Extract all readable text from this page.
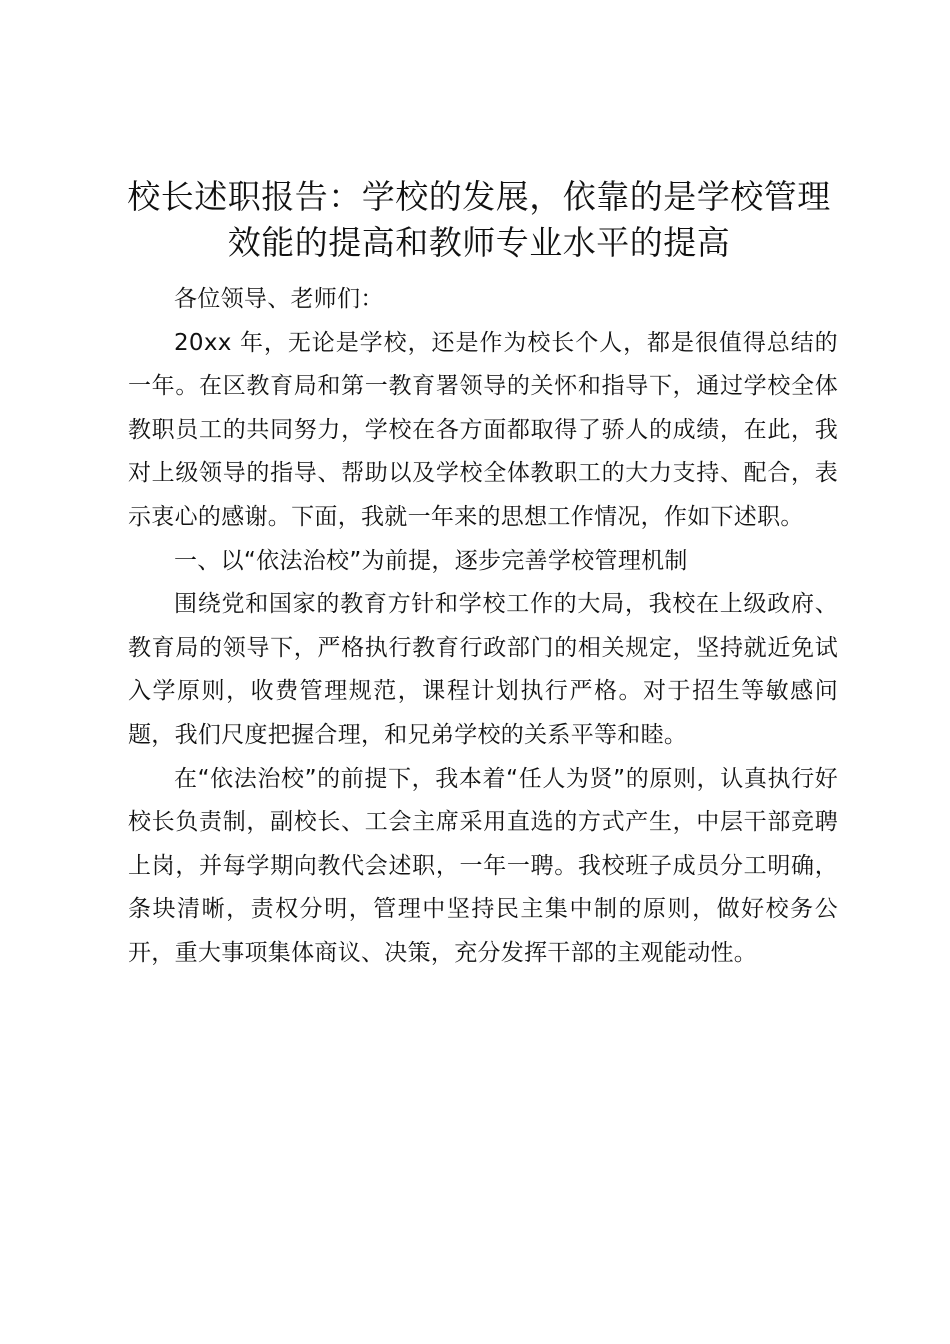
校长述职报告：学校的发展，依靠的是学校管理效能的提高和教师专业水平的提高

各位领导、老师们：

20xx 年，无论是学校，还是作为校长个人，都是很值得总结的一年。在区教育局和第一教育署领导的关怀和指导下，通过学校全体教职员工的共同努力，学校在各方面都取得了骄人的成绩，在此，我对上级领导的指导、帮助以及学校全体教职工的大力支持、配合，表示衷心的感谢。下面，我就一年来的思想工作情况，作如下述职。

一、以“依法治校”为前提，逐步完善学校管理机制

围绕党和国家的教育方针和学校工作的大局，我校在上级政府、教育局的领导下，严格执行教育行政部门的相关规定，坚持就近免试入学原则，收费管理规范，课程计划执行严格。对于招生等敏感问题，我们尺度把握合理，和兄弟学校的关系平等和睦。

在“依法治校”的前提下，我本着“任人为贤”的原则，认真执行好校长负责制，副校长、工会主席采用直选的方式产生，中层干部竞聘上岗，并每学期向教代会述职，一年一聘。我校班子成员分工明确，条块清晰，责权分明，管理中坚持民主集中制的原则，做好校务公开，重大事项集体商议、决策，充分发挥干部的主观能动性。
